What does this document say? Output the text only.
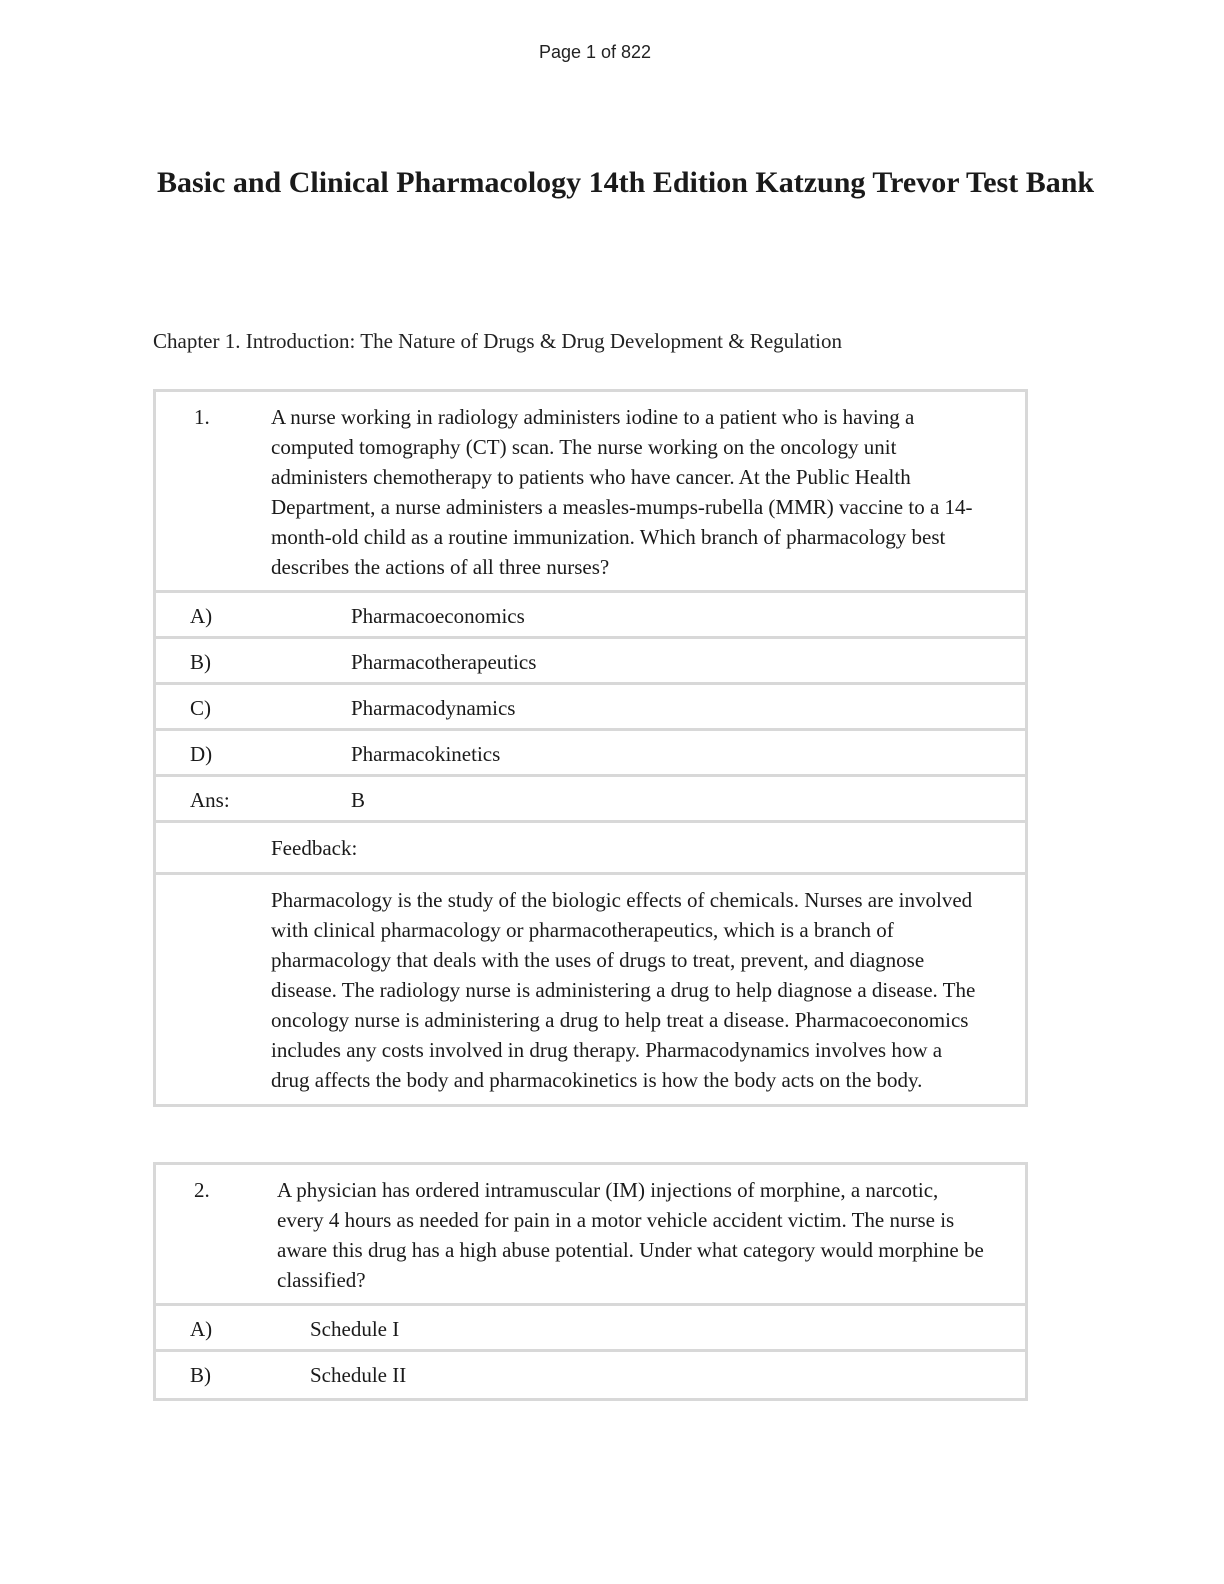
Page 1 of 822
Basic and Clinical Pharmacology 14th Edition Katzung Trevor Test Bank

Chapter 1. Introduction: The Nature of Drugs & Drug Development & Regulation

1.	A nurse working in radiology administers iodine to a patient who is having a computed tomography (CT) scan. The nurse working on the oncology unit administers chemotherapy to patients who have cancer. At the Public Health Department, a nurse administers a measles-mumps-rubella (MMR) vaccine to a 14-month-old child as a routine immunization. Which branch of pharmacology best describes the actions of all three nurses?
A)	Pharmacoeconomics
B)	Pharmacotherapeutics
C)	Pharmacodynamics
D)	Pharmacokinetics
Ans:	B
Feedback:
Pharmacology is the study of the biologic effects of chemicals. Nurses are involved with clinical pharmacology or pharmacotherapeutics, which is a branch of pharmacology that deals with the uses of drugs to treat, prevent, and diagnose disease. The radiology nurse is administering a drug to help diagnose a disease. The oncology nurse is administering a drug to help treat a disease. Pharmacoeconomics includes any costs involved in drug therapy. Pharmacodynamics involves how a drug affects the body and pharmacokinetics is how the body acts on the body.
2.	A physician has ordered intramuscular (IM) injections of morphine, a narcotic, every 4 hours as needed for pain in a motor vehicle accident victim. The nurse is aware this drug has a high abuse potential. Under what category would morphine be classified?
A)	Schedule I
B)	Schedule II
